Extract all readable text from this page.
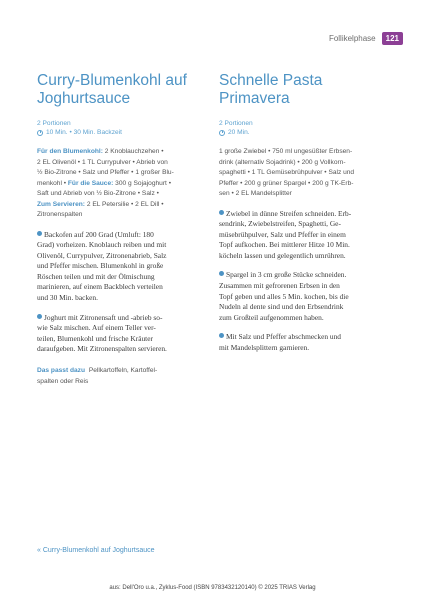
Follikelphase	121
Curry-Blumenkohl auf
Joghurtsauce
2 Portionen
10 Min. • 30 Min. Backzeit
Für den Blumenkohl: 2 Knoblauchzehen •
2 EL Olivenöl • 1 TL Currypulver • Abrieb von
½ Bio-Zitrone • Salz und Pfeffer • 1 großer Blu-
menkohl • Für die Sauce: 300 g Sojajoghurt •
Saft und Abrieb von ½ Bio-Zitrone • Salz •
Zum Servieren: 2 EL Petersilie • 2 EL Dill •
Zitronenspalten
Backofen auf 200 Grad (Umluft: 180
Grad) vorheizen. Knoblauch reiben und mit
Olivenöl, Currypulver, Zitronenabrieb, Salz
und Pfeffer mischen. Blumenkohl in große
Röschen teilen und mit der Ölmischung
marinieren, auf einem Backblech verteilen
und 30 Min. backen.
Joghurt mit Zitronensaft und -abrieb so-
wie Salz mischen. Auf einem Teller ver-
teilen, Blumenkohl und frische Kräuter
daraufgeben. Mit Zitronenspalten servieren.
Das passt dazu Pellkartoffeln, Kartoffel-
spalten oder Reis
Schnelle Pasta
Primavera
2 Portionen
20 Min.
1 große Zwiebel • 750 ml ungesüßter Erbsen-
drink (alternativ Sojadrink) • 200 g Vollkorn-
spaghetti • 1 TL Gemüsebrühpulver • Salz und
Pfeffer • 200 g grüner Spargel • 200 g TK-Erb-
sen • 2 EL Mandelsplitter
Zwiebel in dünne Streifen schneiden. Erb-
sendrink, Zwiebelstreifen, Spaghetti, Ge-
müsebrühpulver, Salz und Pfeffer in einem
Topf aufkochen. Bei mittlerer Hitze 10 Min.
köcheln lassen und gelegentlich umrühren.
Spargel in 3 cm große Stücke schneiden.
Zusammen mit gefrorenen Erbsen in den
Topf geben und alles 5 Min. kochen, bis die
Nudeln al dente sind und den Erbsendrink
zum Großteil aufgenommen haben.
Mit Salz und Pfeffer abschmecken und
mit Mandelsplittern garnieren.
« Curry-Blumenkohl auf Joghurtsauce
aus: Dell'Oro u.a., Zyklus-Food (ISBN 9783432120140) © 2025 TRIAS Verlag
